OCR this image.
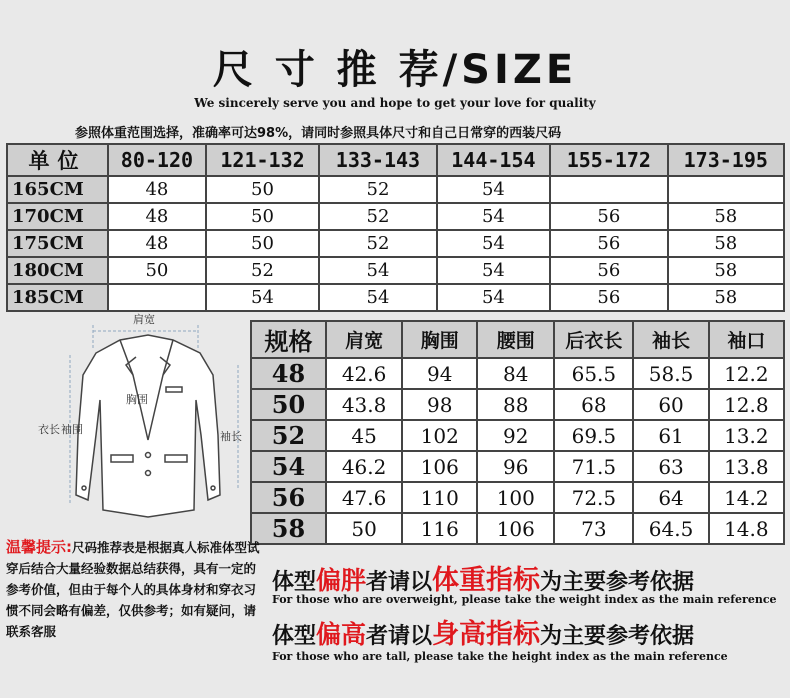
尺 寸 推 荐/SIZE
We sincerely serve you and hope to get your love for quality
参照体重范围选择，准确率可达98%，请同时参照具体尺寸和自己日常穿的西装尺码
单位	80-120	121-132	133-143	144-154	155-172	173-195
165CM	48	50	52	54		
170CM	48	50	52	54	56	58
175CM	48	50	52	54	56	58
180CM	50	52	54	54	56	58
185CM		54	54	54	56	58
肩宽
衣长
胸围
袖围
袖长
规格	肩宽	胸围	腰围	后衣长	袖长	袖口
48	42.6	94	84	65.5	58.5	12.2
50	43.8	98	88	68	60	12.8
52	45	102	92	69.5	61	13.2
54	46.2	106	96	71.5	63	13.8
56	47.6	110	100	72.5	64	14.2
58	50	116	106	73	64.5	14.8
温馨提示:尺码推荐表是根据真人标准体型试穿后结合大量经验数据总结获得，具有一定的参考价值，但由于每个人的具体身材和穿衣习惯不同会略有偏差，仅供参考；如有疑问，请联系客服
体型偏胖者请以体重指标为主要参考依据
For those who are overweight, please take the weight index as the main reference
体型偏高者请以身高指标为主要参考依据
For those who are tall, please take the height index as the main reference
